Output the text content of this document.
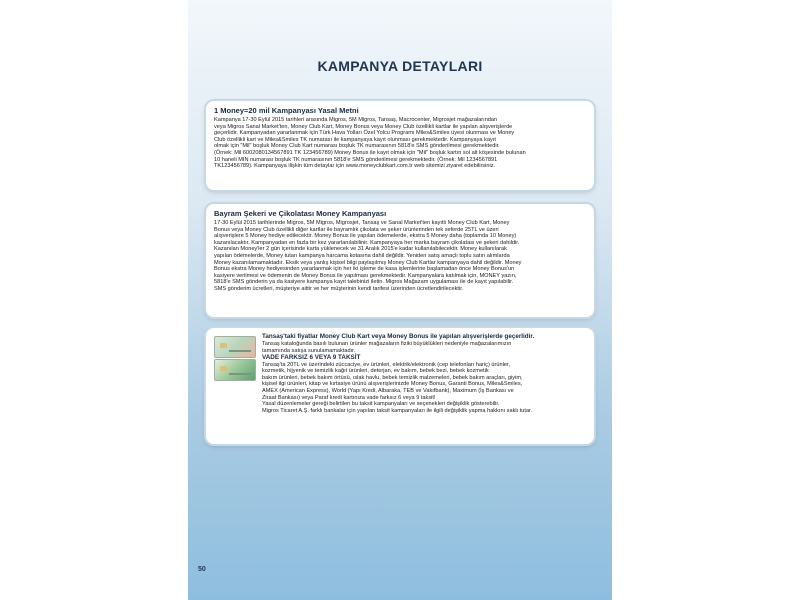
KAMPANYA DETAYLARI

1 Money=20 mil Kampanyası Yasal Metni

Kampanya 17-30 Eylül 2015 tarihleri arasında Migros, 5M Migros, Tansaş, Macrocenter, Migrosjet mağazalarından
veya Migros Sanal Market'ten, Money Club Kart, Money Bonus veya Money Club özellikli kartlar ile yapılan alışverişlerde
geçerlidir. Kampanyadan yararlanmak için Türk Hava Yolları Özel Yolcu Programı Miles&Smiles üyesi olunması ve Money
Club özellikli kart ve Miles&Smiles TK numarası ile kampanyaya kayıt olunması gerekmektedir. Kampanyaya kayıt
olmak için "Mil" boşluk Money Club Kart numarası boşluk TK numarasının 5818'e SMS gönderilmesi gerekmektedir.
(Örnek: Mil 6002080134567891 TK 123456789) Money Bonus ile kayıt olmak için "Mil" boşluk kartın sol alt köşesinde bulunan
10 haneli MIN numarası boşluk TK numarasının 5818'e SMS gönderilmesi gerekmektedir. (Örnek: Mil 1234567891
TK123456789). Kampanyaya ilişkin tüm detaylar için www.moneyclubkart.com.tr web sitemizi ziyaret edebilirsiniz.

Bayram Şekeri ve Çikolatası Money Kampanyası

17-30 Eylül 2015 tarihlerinde Migros, 5M Migros, Migrosjet, Tansaş ve Sanal Market'ten kayıtlı Money Club Kart, Money
Bonus veya Money Club özellikli diğer kartlar ile bayramlık çikolata ve şeker ürünlerinden tek seferde 25TL ve üzeri
alışverişlere 5 Money hediye edilecektir. Money Bonus ile yapılan ödemelerde, ekstra 5 Money daha (toplamda 10 Money)
kazanılacaktır. Kampanyadan en fazla bir kez yararlanılabilinir. Kampanyaya her marka bayram çikolatası ve şekeri dahildir.
Kazanılan Money'ler 2 gün içerisinde karta yüklenecek ve 31 Aralık 2015'e kadar kullanılabilecektir. Money kullanılarak
yapılan ödemelerde, Money tutarı kampanya harcama kotasına dahil değildir. Yeniden satış amaçlı toplu satın alımlarda
Money kazanılamamaktadır. Eksik veya yanlış kişisel bilgi paylaşılmış Money Club Kartlar kampanyaya dahil değildir. Money
Bonus ekstra Money hediyesinden yararlanmak için her iki işleme de kasa işlemlerine başlamadan önce Money Bonus'un
kasiyere verilmesi ve ödemenin de Money Bonus ile yapılması gerekmektedir. Kampanyalara katılmak için, MONEY yazın,
5818'e SMS gönderin ya da kasiyere kampanya kayıt talebinizi iletin. Migros Mağazam uygulaması ile de kayıt yapılabilir.
SMS gönderim ücretleri, müşteriye aittir ve her müşterinin kendi tarifesi üzerinden ücretlendirilecektir.

Tansaş'taki fiyatlar Money Club Kart veya Money Bonus ile yapılan alışverişlerde geçerlidir.

Tansaş kataloğunda basılı bulunan ürünler mağazaların fiziki büyüklükleri nedeniyle mağazalarımızın
tamamında satışa sunulamamaktadır.

VADE FARKSIZ 6 VEYA 9 TAKSİT

Tansaş'ta 20TL ve üzerindeki züccaciye, ev ürünleri, elektrik/elektronik (cep telefonları hariç) ürünler,
kozmetik, hijyenik ve temizlik kağıt ürünleri, deterjan, ev bakım, bebek bezi, bebek kozmetik
bakım ürünleri, bebek bakım örtüsü, ıslak havlu, bebek temizlik malzemeleri, bebek bakım araçları, giyim,
kişisel ilgi ürünleri, kitap ve kırtasiye ürünü alışverişlerinizde Money Bonus, Garanti Bonus, Miles&Smiles,
AMEX (American Express), World (Yapı Kredi, Albaraka, TEB ve Vakıfbank), Maximum (İş Bankası ve
Ziraat Bankası) veya Paraf kredi kartınıza vade farksız 6 veya 9 taksit!
Yasal düzenlemeler gereği belirtilen bu taksit kampanyaları ve seçenekleri değişiklik gösterebilir.
Migros Ticaret A.Ş. farklı bankalar için yapılan taksit kampanyaları ile ilgili değişiklik yapma hakkını saklı tutar.

50
